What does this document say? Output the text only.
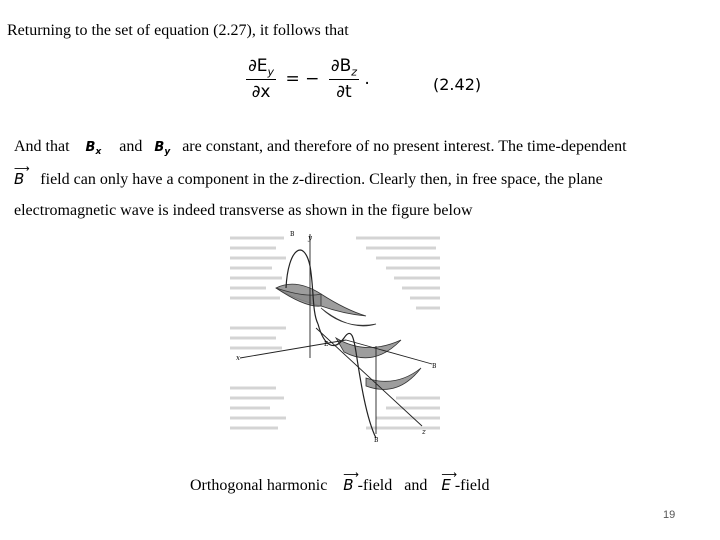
Returning to the set of equation (2.27), it follows that
$\frac{\partial E_y}{\partial x}$ = − $\frac{\partial B_z}{\partial t}$ .	(2.42)
And that $B_x$ and $B_y$ are constant, and therefore of no present interest. The time-dependent
⟶
B field can only have a component in the z-direction. Clearly then, in free space, the plane
electromagnetic wave is indeed transverse as shown in the figure below
y
x
z
B
B
B
E
Orthogonal harmonic
⟶
B -field   and
⟶
E -field
19
